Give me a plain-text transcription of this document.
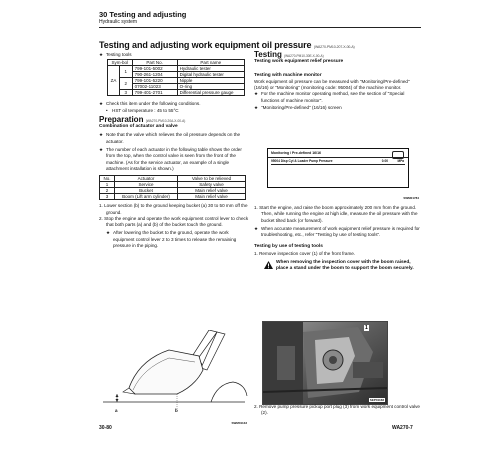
30 Testing and adjusting
Hydraulic system
Testing and adjusting work equipment oil pressure (WA270-PM10-207-X-00-A)

★ Testing tools

Sym-bol		Part No.	Part name
ZA	1	799-101-5002	Hydraulic tester
		790-261-1204	Digital hydraulic tester
	2	799-101-5220	Nipple
		07002-11023	O-ring
	3	799-401-2701	Differential pressure gauge

★ Check this item under the following conditions.

• HST oil temperature : 45 to 55°C

Preparation (WA270-PM10-20A-X-00-A)

Combination of actuator and valve

★ Note that the valve which relieves the oil pressure depends on the actuator.

★ The number of each actuator in the following table shows the order from the top, when the control valve is seen from the front of the machine. (As for the service actuator, an example of a single attachment installation is shown.)

No.	Actuator	Valve to be relieved
1	Service	Safety valve
2	Bucket	Main relief valve
3	Boom (Lift arm cylinder)	Main relief valve

1. Lower section (b) to the ground keeping bucket (a) 30 to 50 mm off the ground.

2. Stop the engine and operate the work equipment control lever to check that both parts (a) and (b) of the bucket touch the ground.

★ After lowering the bucket to the ground, operate the work equipment control lever 2 to 3 times to release the remaining pressure in the piping.

a	b
SWM01133
Testing (WA270-PM10-30E-X-00-A)

Testing work equipment relief pressure

Testing with machine monitor

Work equipment oil pressure can be measured with "Monitoring/Pre-defined" (16/16) or "Monitoring" (monitoring code: 95004) of the machine monitor.

★ For the machine monitor operating method, see the section of "Special functions of machine monitor".

★ "Monitoring/Pre-defined" (16/16) screen

Monitoring / Pre-defined 16/16
95004 Disp Cyl & Loader Pump Pressure	0.00	MPa
SWM01784

1. Start the engine, and raise the boom approximately 200 mm from the ground. Then, while running the engine at high idle, measure the oil pressure with the bucket tilted back (or forward).

★ When accurate measurement of work equipment relief pressure is required for troubleshooting, etc., refer "Testing by use of testing tools".

Testing by use of testing tools

1. Remove inspection cover (1) of the front frame.

When removing the inspection cover with the boom raised, place a stand under the boom to support the boom securely.

1
SEP01168

2. Remove pump pressure pickup port plug (3) from work equipment control valve (2).

30-80	WA270-7
